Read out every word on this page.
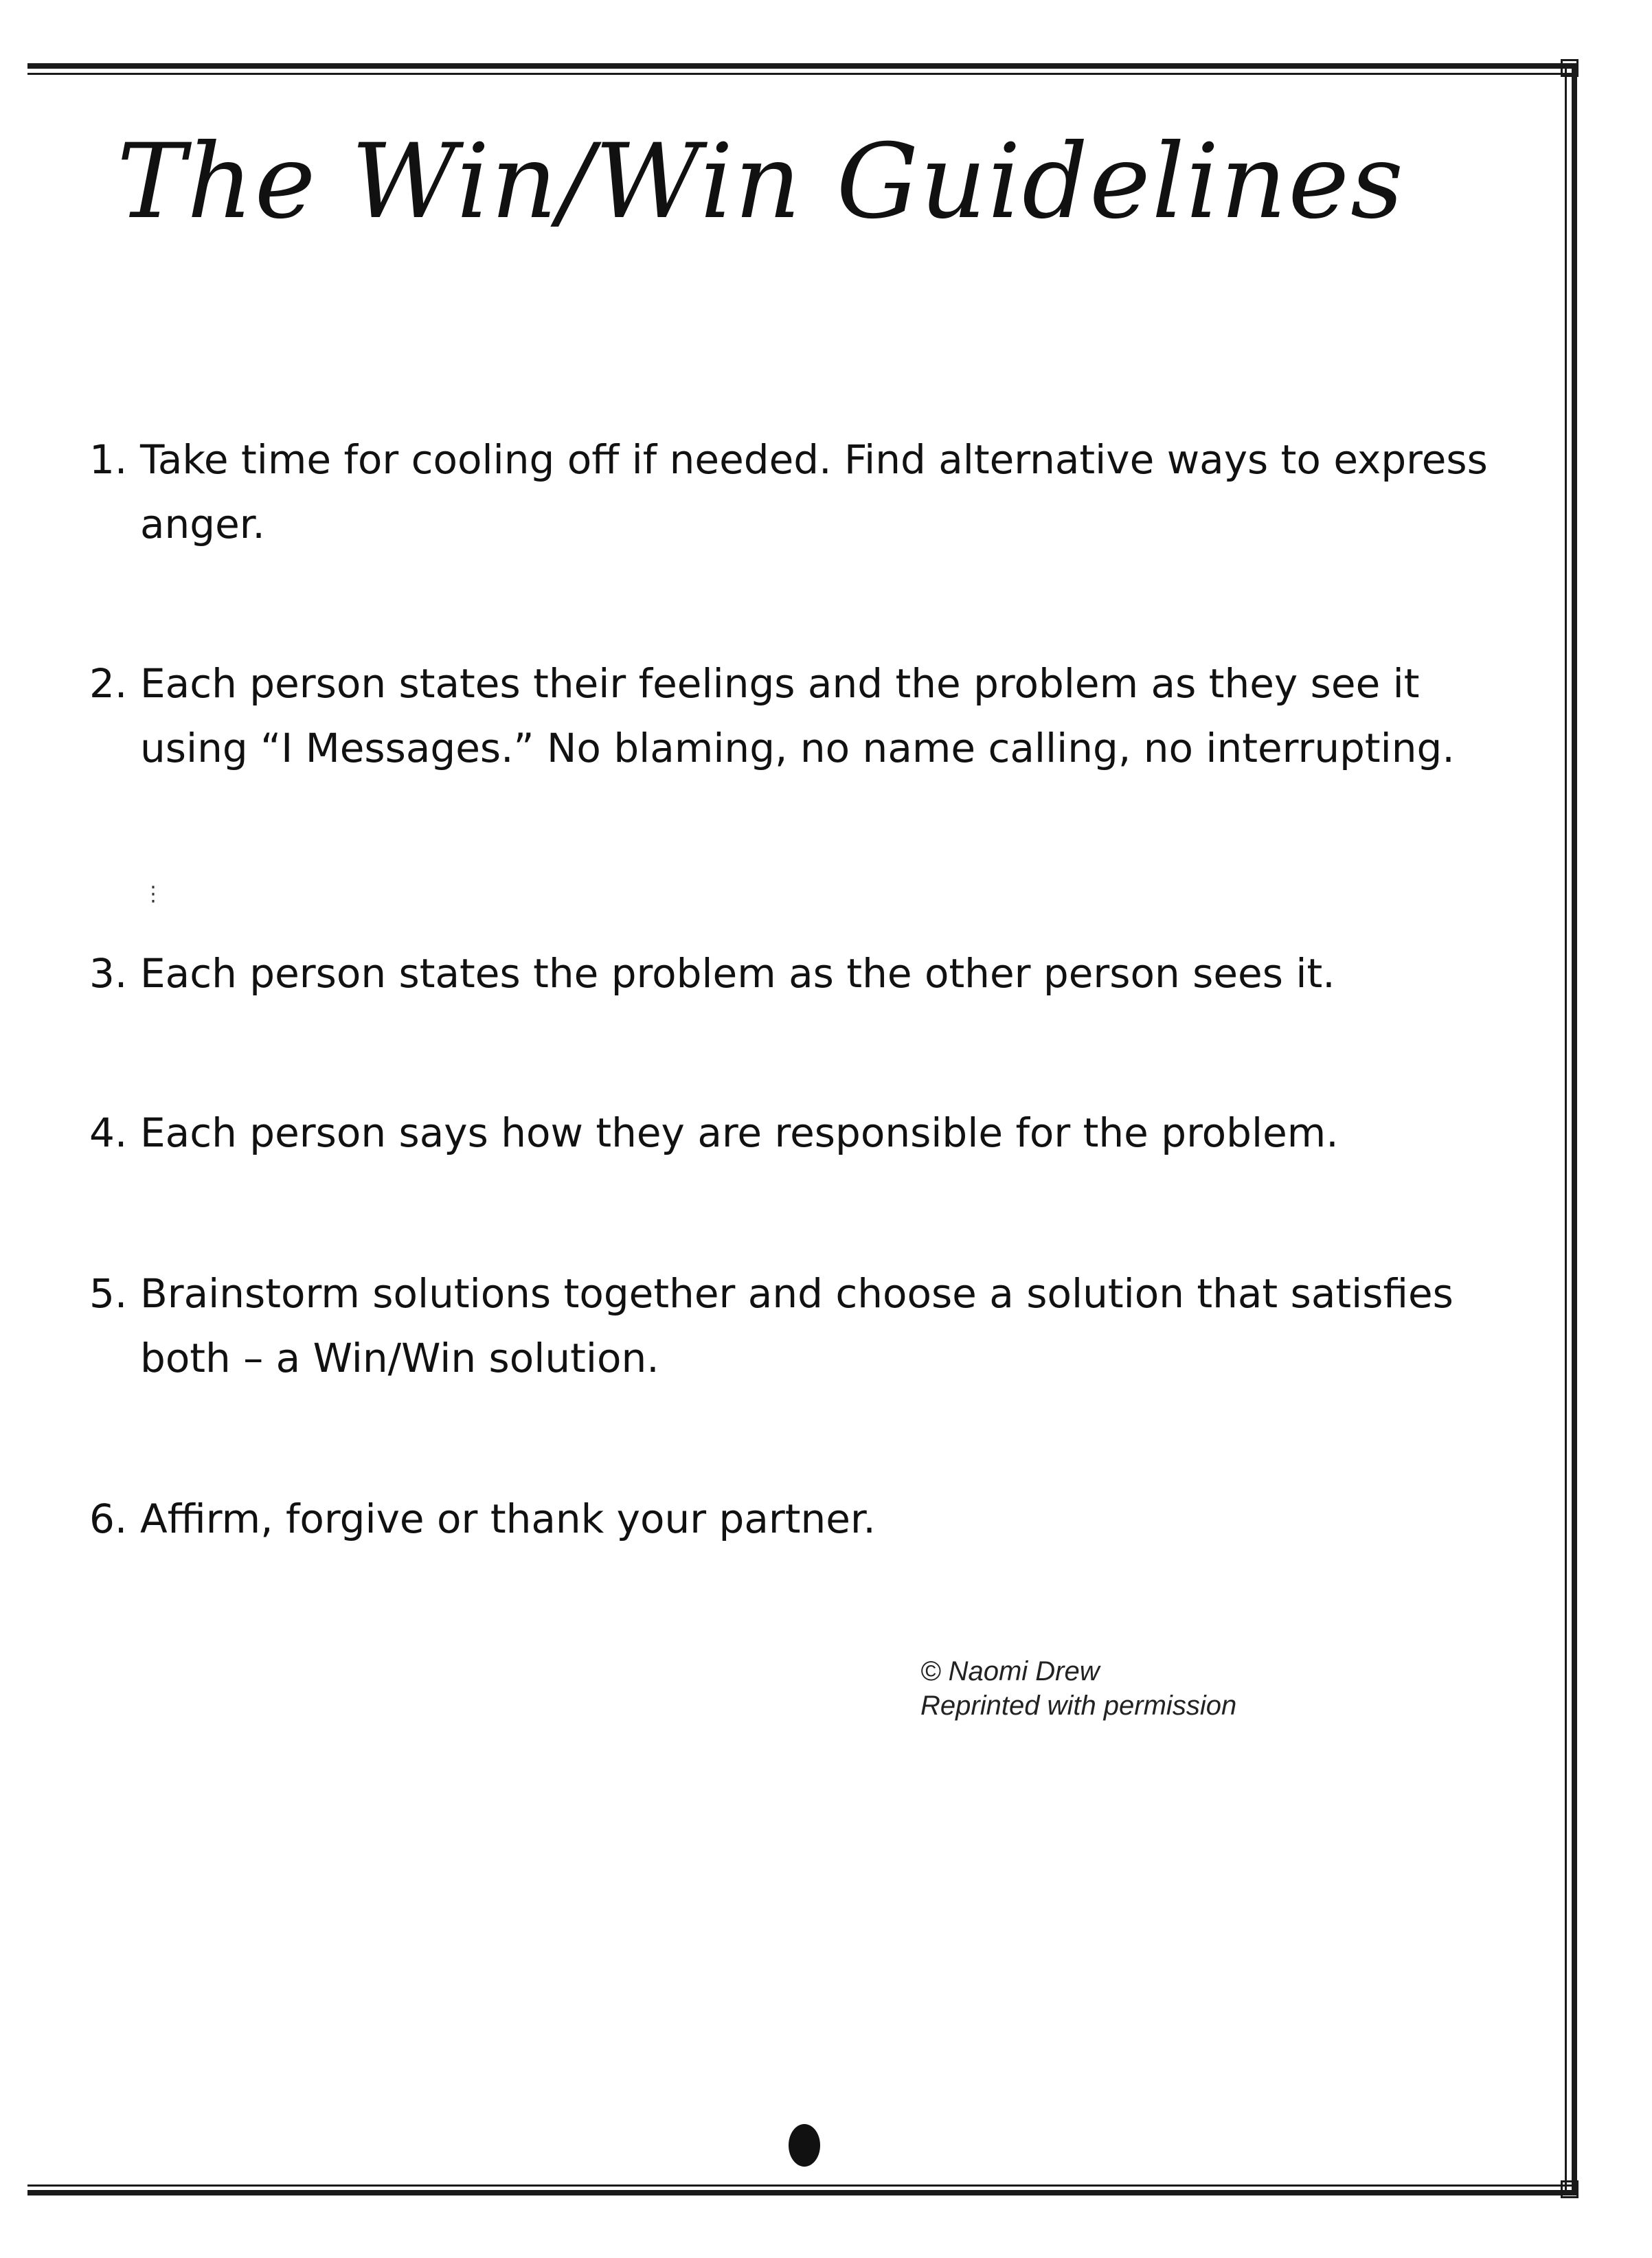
The Win/Win Guidelines
1. Take time for cooling off if needed. Find alternative ways to express anger.
2. Each person states their feelings and the problem as they see it using “I Messages.” No blaming, no name calling, no interrupting.
3. Each person states the problem as the other person sees it.
4. Each person says how they are responsible for the problem.
5. Brainstorm solutions together and choose a solution that satisfies both – a Win/Win solution.
6. Affirm, forgive or thank your partner.
⋮
© Naomi Drew
Reprinted with permission
